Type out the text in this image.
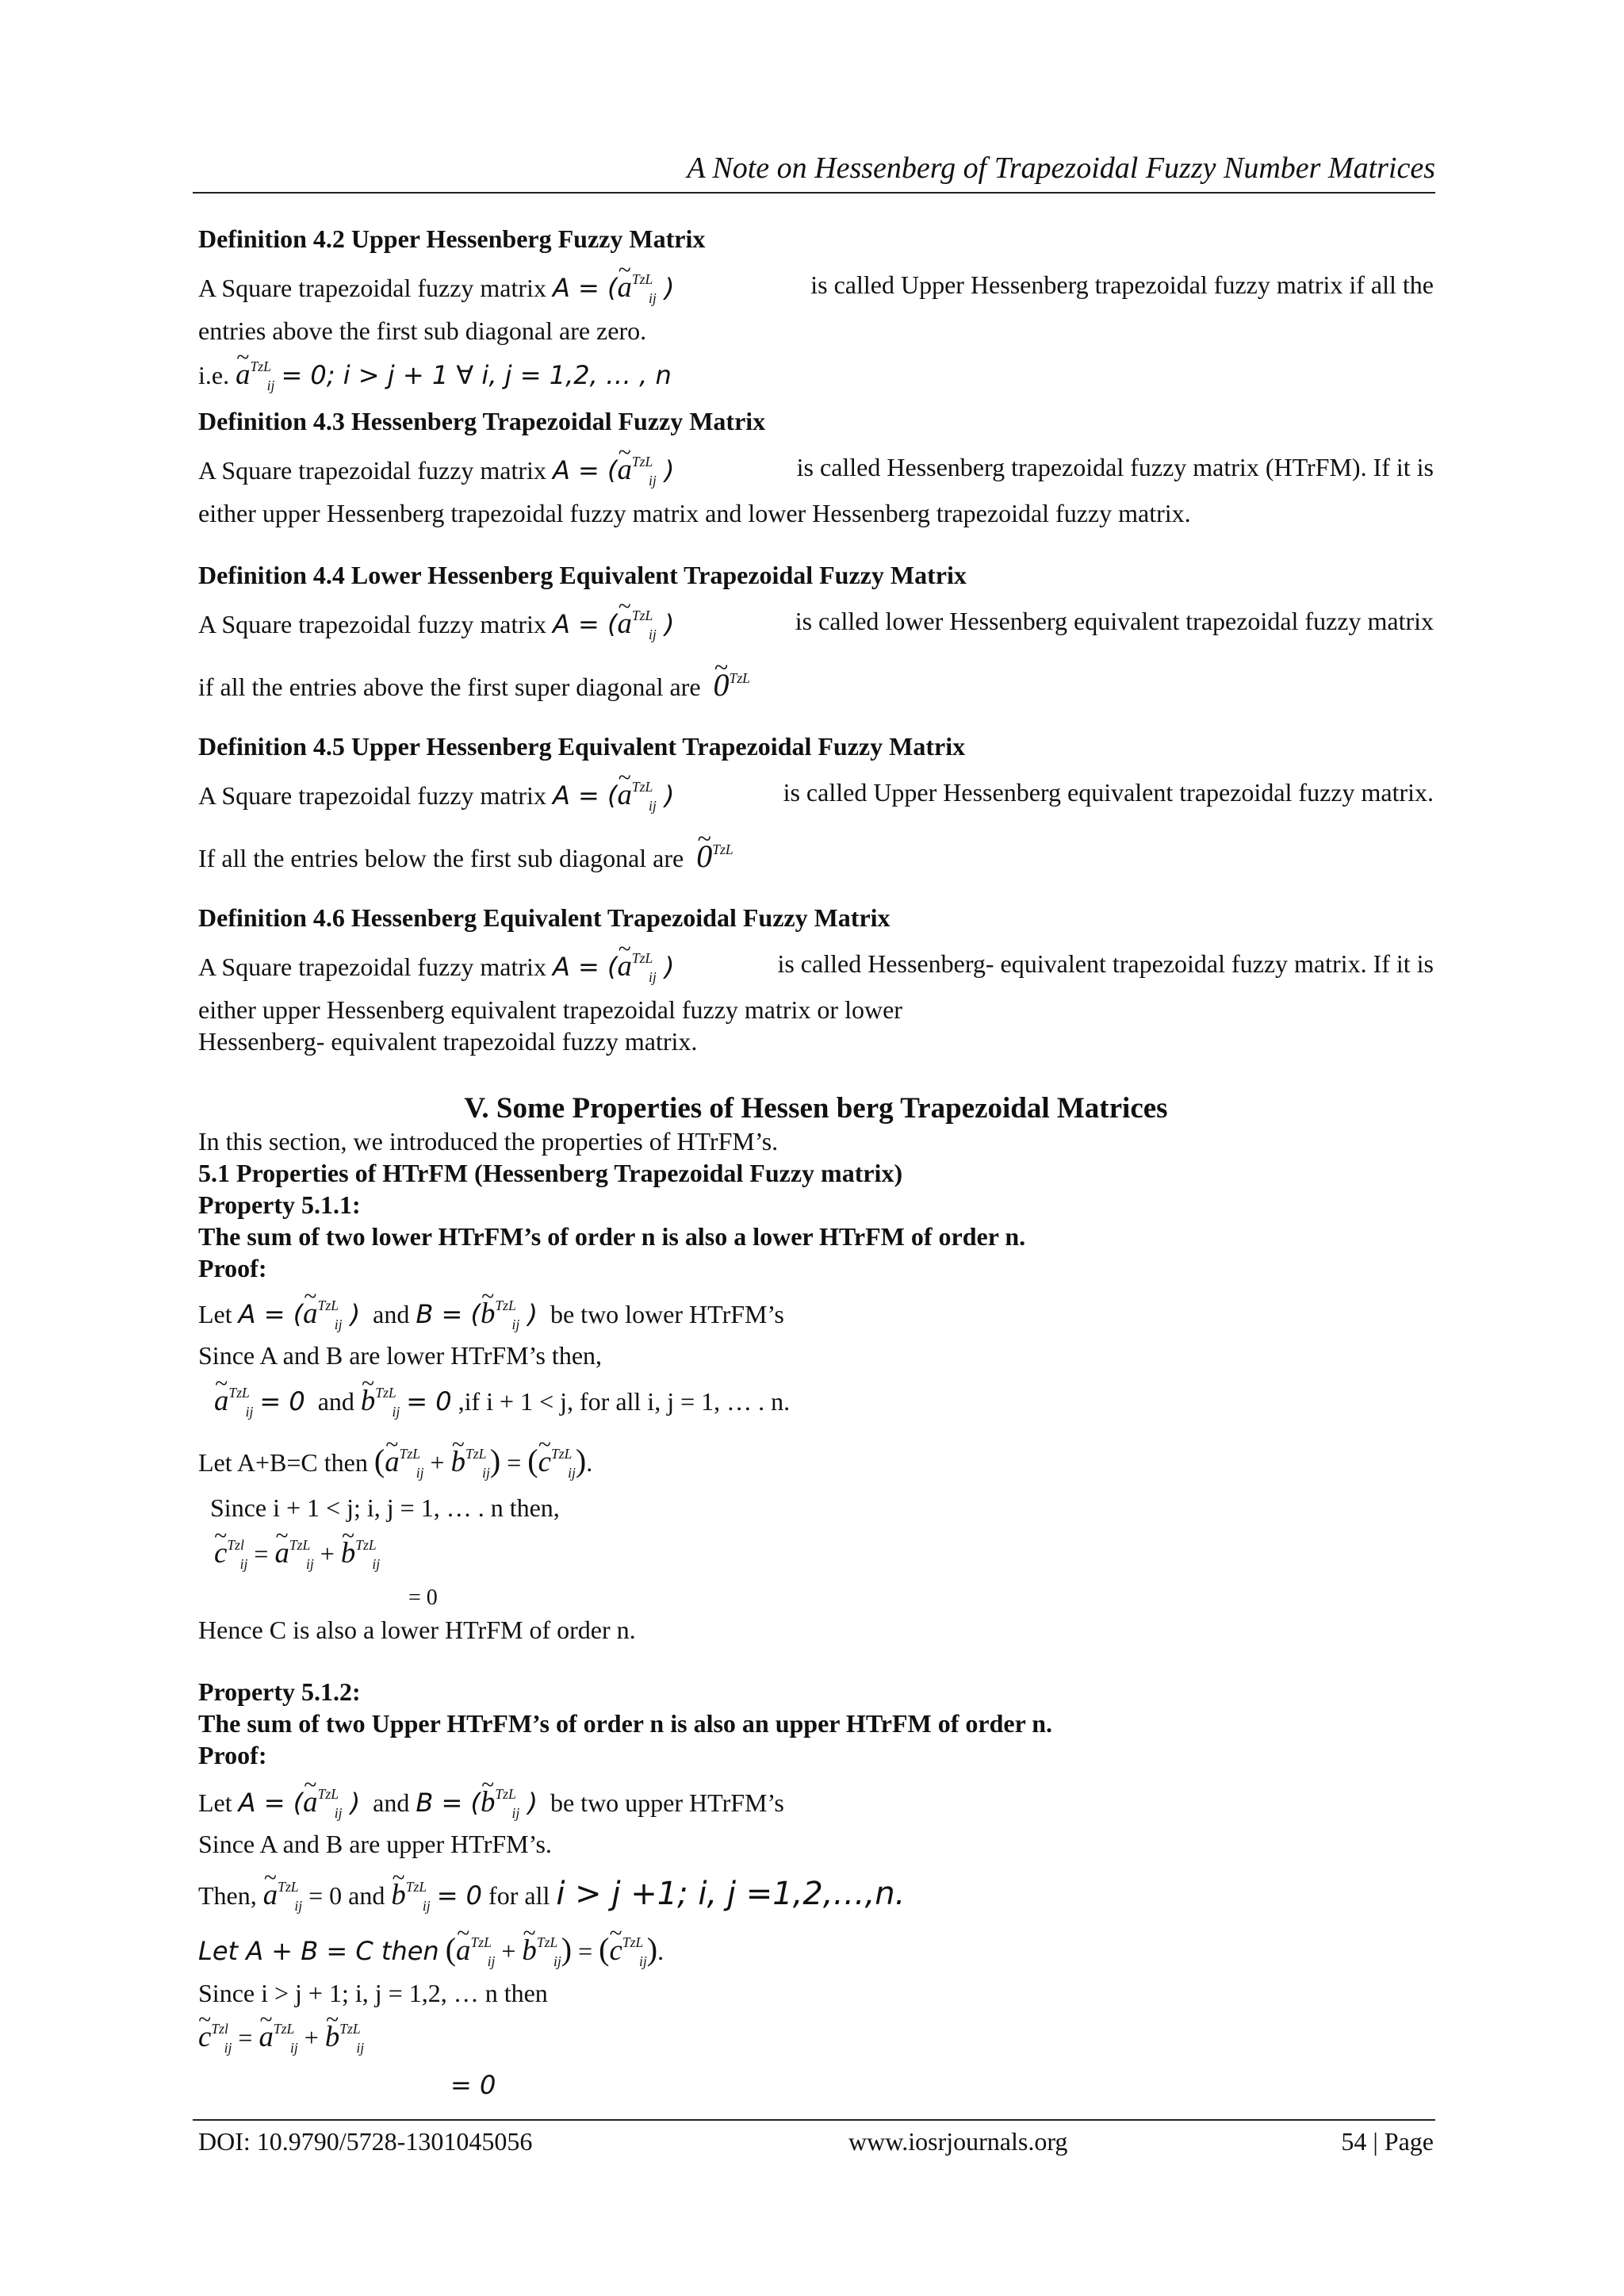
A Note on Hessenberg of Trapezoidal Fuzzy Number Matrices
Definition 4.2 Upper Hessenberg Fuzzy Matrix
A Square trapezoidal fuzzy matrix A = (~ $a^{TzL}_{ij}$ )	is called Upper Hessenberg trapezoidal fuzzy matrix if all the
entries above the first sub diagonal are zero.
i.e. ~ $a^{TzL}_{ij} = 0$; i > j + 1 ∀ i, j = 1,2, … , n
Definition 4.3 Hessenberg Trapezoidal Fuzzy Matrix
A Square trapezoidal fuzzy matrix A = (~ $a^{TzL}_{ij}$ )	is called Hessenberg trapezoidal fuzzy matrix (HTrFM). If it is
either upper Hessenberg trapezoidal fuzzy matrix and lower Hessenberg trapezoidal fuzzy matrix.
Definition 4.4 Lower Hessenberg Equivalent Trapezoidal Fuzzy Matrix
A Square trapezoidal fuzzy matrix A = (~ $a^{TzL}_{ij}$ )	is called lower Hessenberg equivalent trapezoidal fuzzy matrix
if all the entries above the first super diagonal are ~ $0^{TzL}$
Definition 4.5 Upper Hessenberg Equivalent Trapezoidal Fuzzy Matrix
A Square trapezoidal fuzzy matrix A = (~ $a^{TzL}_{ij}$ )	is called Upper Hessenberg equivalent trapezoidal fuzzy matrix.
If all the entries below the first sub diagonal are ~ $0^{TzL}$
Definition 4.6 Hessenberg Equivalent Trapezoidal Fuzzy Matrix
A Square trapezoidal fuzzy matrix A = (~ $a^{TzL}_{ij}$ )	is called Hessenberg- equivalent trapezoidal fuzzy matrix. If it is
either upper Hessenberg equivalent trapezoidal fuzzy matrix or lower
Hessenberg- equivalent trapezoidal fuzzy matrix.
V. Some Properties of Hessen berg Trapezoidal Matrices
In this section, we introduced the properties of HTrFM’s.
5.1 Properties of HTrFM (Hessenberg Trapezoidal Fuzzy matrix)
Property 5.1.1:
The sum of two lower HTrFM’s of order n is also a lower HTrFM of order n.
Proof:
Let A = (~ $a^{TzL}_{ij}$ ) and B = (~ $b^{TzL}_{ij}$ ) be two lower HTrFM’s
Since A and B are lower HTrFM’s then,
~ $a^{TzL}_{ij} = 0$ and ~ $b^{TzL}_{ij} = 0$ ,if i + 1 < j, for all i, j = 1, … . n.
Let A+B=C then (~ $a^{TzL}_{ij}$ + ~ $b^{TzL}_{ij}$) = (~ $c^{TzL}_{ij}$).
Since i + 1 < j; i, j = 1, … . n then,
~ $c^{Tzl}_{ij}$ = ~ $a^{TzL}_{ij}$ + ~ $b^{TzL}_{ij}$
= 0
Hence C is also a lower HTrFM of order n.
Property 5.1.2:
The sum of two Upper HTrFM’s of order n is also an upper HTrFM of order n.
Proof:
Let A = (~ $a^{TzL}_{ij}$ ) and B = (~ $b^{TzL}_{ij}$ ) be two upper HTrFM’s
Since A and B are upper HTrFM’s.
Then, ~ $a^{TzL}_{ij} = 0$ and ~ $b^{TzL}_{ij} = 0$ for all i > j +1; i, j =1,2,…,n.
Let A + B = C then (~ $a^{TzL}_{ij}$ + ~ $b^{TzL}_{ij}$) = (~ $c^{TzL}_{ij}$).
Since i > j + 1; i, j = 1,2, … n then
~ $c^{Tzl}_{ij}$ = ~ $a^{TzL}_{ij}$ + ~ $b^{TzL}_{ij}$
= 0
DOI: 10.9790/5728-1301045056	www.iosrjournals.org	54 | Page
